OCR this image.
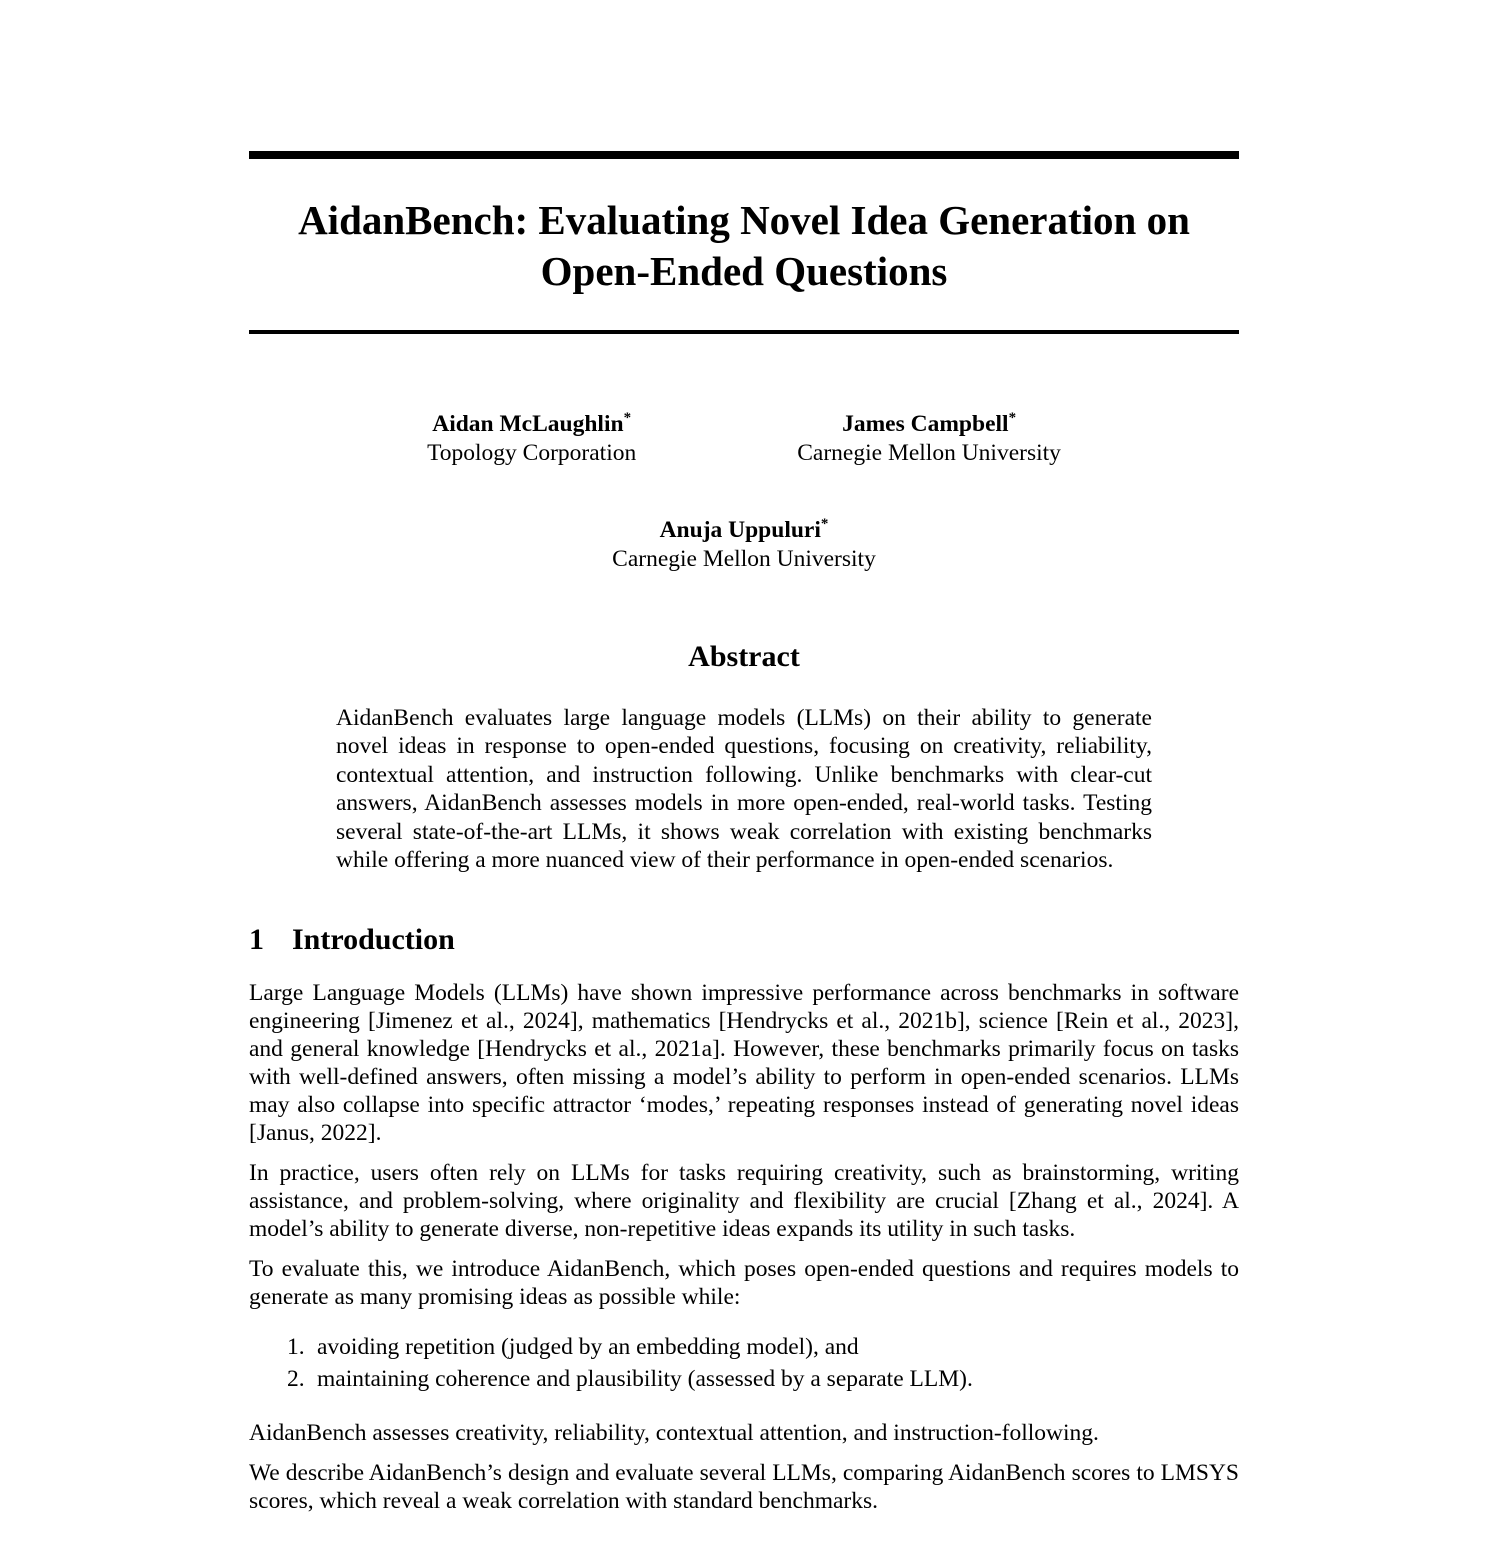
AidanBench: Evaluating Novel Idea Generation on
Open-Ended Questions
Aidan McLaughlin*
Topology Corporation
James Campbell*
Carnegie Mellon University
Anuja Uppuluri*
Carnegie Mellon University
Abstract

AidanBench evaluates large language models (LLMs) on their ability to generate novel ideas in response to open-ended questions, focusing on creativity, reliability, contextual attention, and instruction following. Unlike benchmarks with clear-cut answers, AidanBench assesses models in more open-ended, real-world tasks. Testing several state-of-the-art LLMs, it shows weak correlation with existing benchmarks while offering a more nuanced view of their performance in open-ended scenarios.

1 Introduction

Large Language Models (LLMs) have shown impressive performance across benchmarks in software engineering [Jimenez et al., 2024], mathematics [Hendrycks et al., 2021b], science [Rein et al., 2023], and general knowledge [Hendrycks et al., 2021a]. However, these benchmarks primarily focus on tasks with well-defined answers, often missing a model’s ability to perform in open-ended scenarios. LLMs may also collapse into specific attractor ‘modes,’ repeating responses instead of generating novel ideas [Janus, 2022].

In practice, users often rely on LLMs for tasks requiring creativity, such as brainstorming, writing assistance, and problem-solving, where originality and flexibility are crucial [Zhang et al., 2024]. A model’s ability to generate diverse, non-repetitive ideas expands its utility in such tasks.

To evaluate this, we introduce AidanBench, which poses open-ended questions and requires models to generate as many promising ideas as possible while:

1. avoiding repetition (judged by an embedding model), and
2. maintaining coherence and plausibility (assessed by a separate LLM).

AidanBench assesses creativity, reliability, contextual attention, and instruction-following.

We describe AidanBench’s design and evaluate several LLMs, comparing AidanBench scores to LMSYS scores, which reveal a weak correlation with standard benchmarks.
